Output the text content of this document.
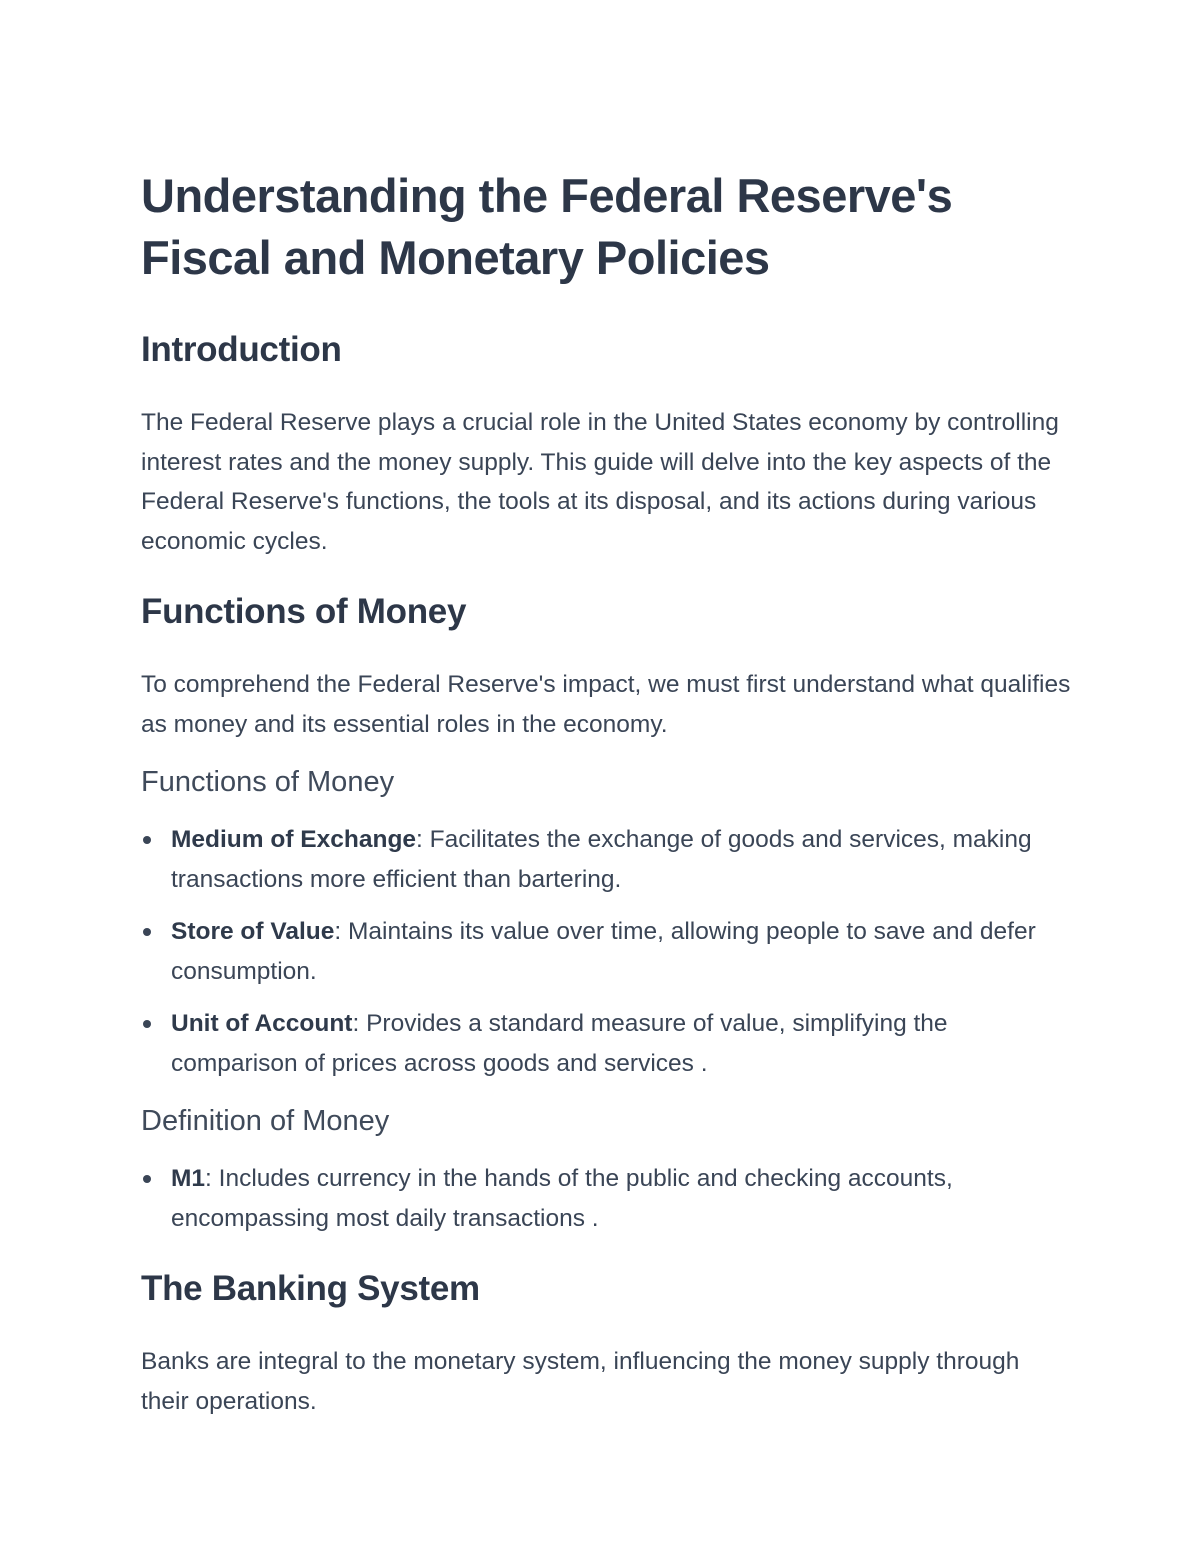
Understanding the Federal Reserve's Fiscal and Monetary Policies
Introduction

The Federal Reserve plays a crucial role in the United States economy by controlling interest rates and the money supply. This guide will delve into the key aspects of the Federal Reserve's functions, the tools at its disposal, and its actions during various economic cycles.

Functions of Money

To comprehend the Federal Reserve's impact, we must first understand what qualifies as money and its essential roles in the economy.

Functions of Money
Medium of Exchange: Facilitates the exchange of goods and services, making transactions more efficient than bartering.
Store of Value: Maintains its value over time, allowing people to save and defer consumption.
Unit of Account: Provides a standard measure of value, simplifying the comparison of prices across goods and services .
Definition of Money
M1: Includes currency in the hands of the public and checking accounts, encompassing most daily transactions .
The Banking System

Banks are integral to the monetary system, influencing the money supply through their operations.
